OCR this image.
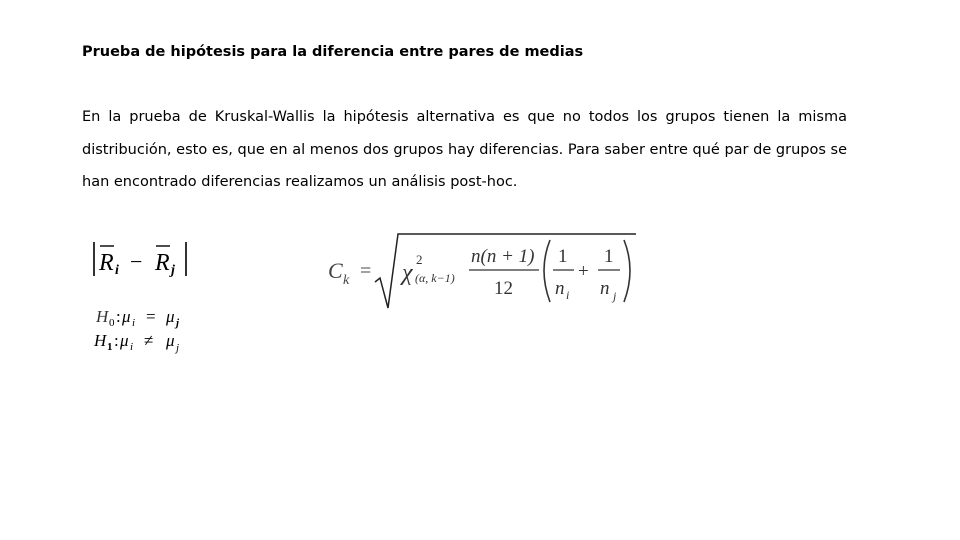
Prueba de hipótesis para la diferencia entre pares de medias

En la prueba de Kruskal-Wallis la hipótesis alternativa es que no todos los grupos tienen la misma distribución, esto es, que en al menos dos grupos hay diferencias. Para saber entre qué par de grupos se han encontrado diferencias realizamos un análisis post-hoc.

R i − R j
H 0 : μ i = μ j
H 1 : μ i ≠ μ j
C k = χ
2
(α, k−1)
n(n + 1)
12
1
n i
+
1
n j
